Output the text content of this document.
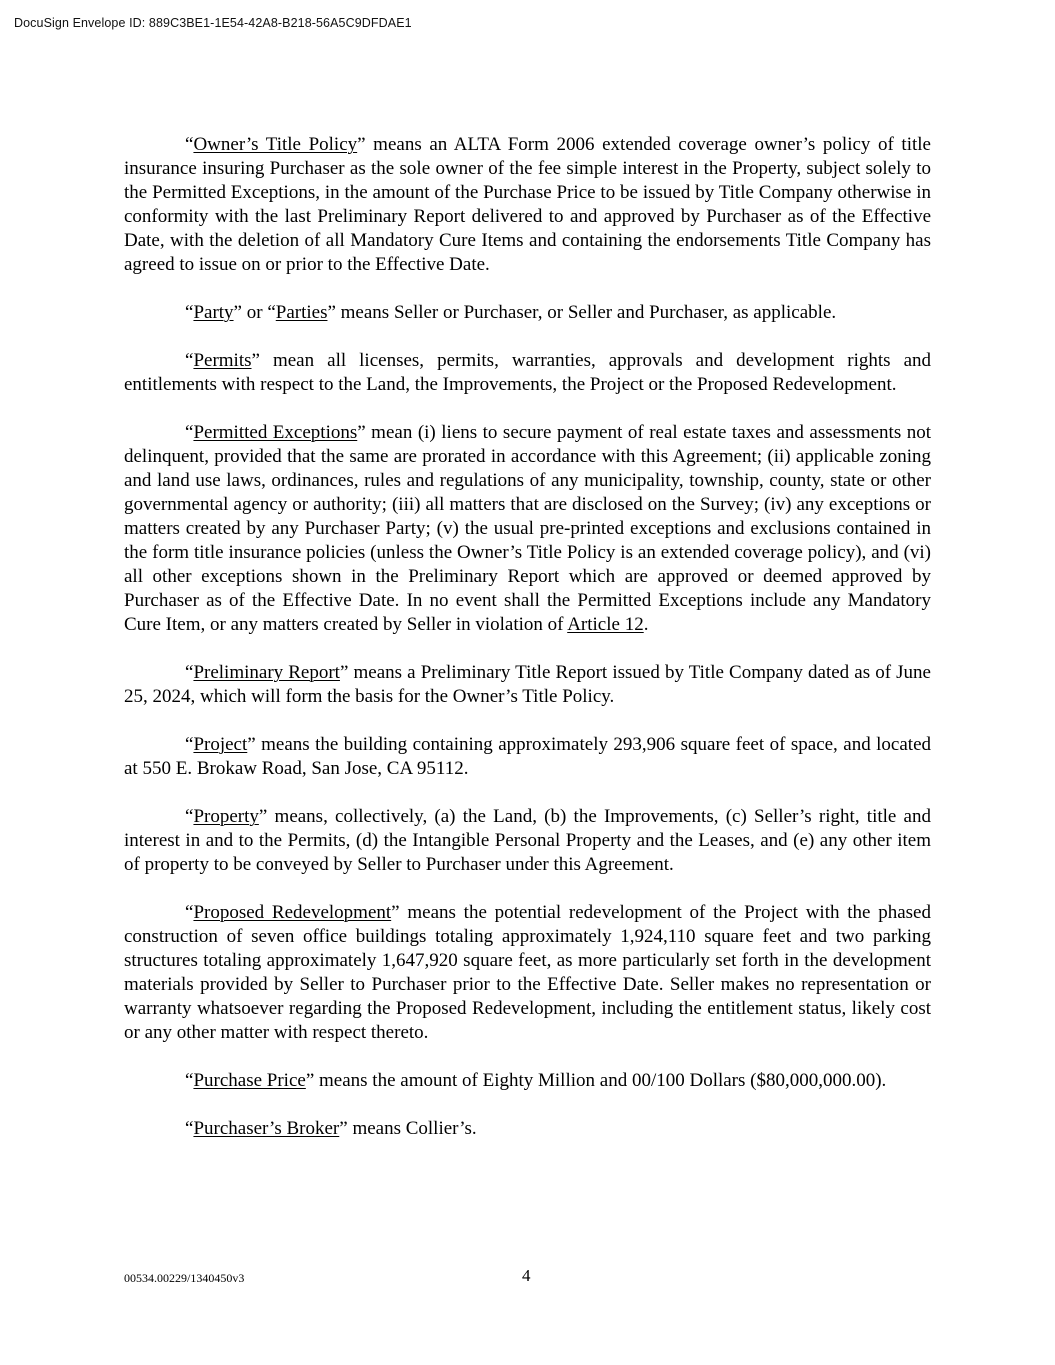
DocuSign Envelope ID: 889C3BE1-1E54-42A8-B218-56A5C9DFDAE1

“Owner’s Title Policy” means an ALTA Form 2006 extended coverage owner’s policy of title insurance insuring Purchaser as the sole owner of the fee simple interest in the Property, subject solely to the Permitted Exceptions, in the amount of the Purchase Price to be issued by Title Company otherwise in conformity with the last Preliminary Report delivered to and approved by Purchaser as of the Effective Date, with the deletion of all Mandatory Cure Items and containing the endorsements Title Company has agreed to issue on or prior to the Effective Date.

“Party” or “Parties” means Seller or Purchaser, or Seller and Purchaser, as applicable.

“Permits” mean all licenses, permits, warranties, approvals and development rights and entitlements with respect to the Land, the Improvements, the Project or the Proposed Redevelopment.

“Permitted Exceptions” mean (i) liens to secure payment of real estate taxes and assessments not delinquent, provided that the same are prorated in accordance with this Agreement; (ii) applicable zoning and land use laws, ordinances, rules and regulations of any municipality, township, county, state or other governmental agency or authority; (iii) all matters that are disclosed on the Survey; (iv) any exceptions or matters created by any Purchaser Party; (v) the usual pre-printed exceptions and exclusions contained in the form title insurance policies (unless the Owner’s Title Policy is an extended coverage policy), and (vi) all other exceptions shown in the Preliminary Report which are approved or deemed approved by Purchaser as of the Effective Date. In no event shall the Permitted Exceptions include any Mandatory Cure Item, or any matters created by Seller in violation of Article 12.

“Preliminary Report” means a Preliminary Title Report issued by Title Company dated as of June 25, 2024, which will form the basis for the Owner’s Title Policy.

“Project” means the building containing approximately 293,906 square feet of space, and located at 550 E. Brokaw Road, San Jose, CA 95112.

“Property” means, collectively, (a) the Land, (b) the Improvements, (c) Seller’s right, title and interest in and to the Permits, (d) the Intangible Personal Property and the Leases, and (e) any other item of property to be conveyed by Seller to Purchaser under this Agreement.

“Proposed Redevelopment” means the potential redevelopment of the Project with the phased construction of seven office buildings totaling approximately 1,924,110 square feet and two parking structures totaling approximately 1,647,920 square feet, as more particularly set forth in the development materials provided by Seller to Purchaser prior to the Effective Date. Seller makes no representation or warranty whatsoever regarding the Proposed Redevelopment, including the entitlement status, likely cost or any other matter with respect thereto.

“Purchase Price” means the amount of Eighty Million and 00/100 Dollars ($80,000,000.00).

“Purchaser’s Broker” means Collier’s.

00534.00229/1340450v3	4
